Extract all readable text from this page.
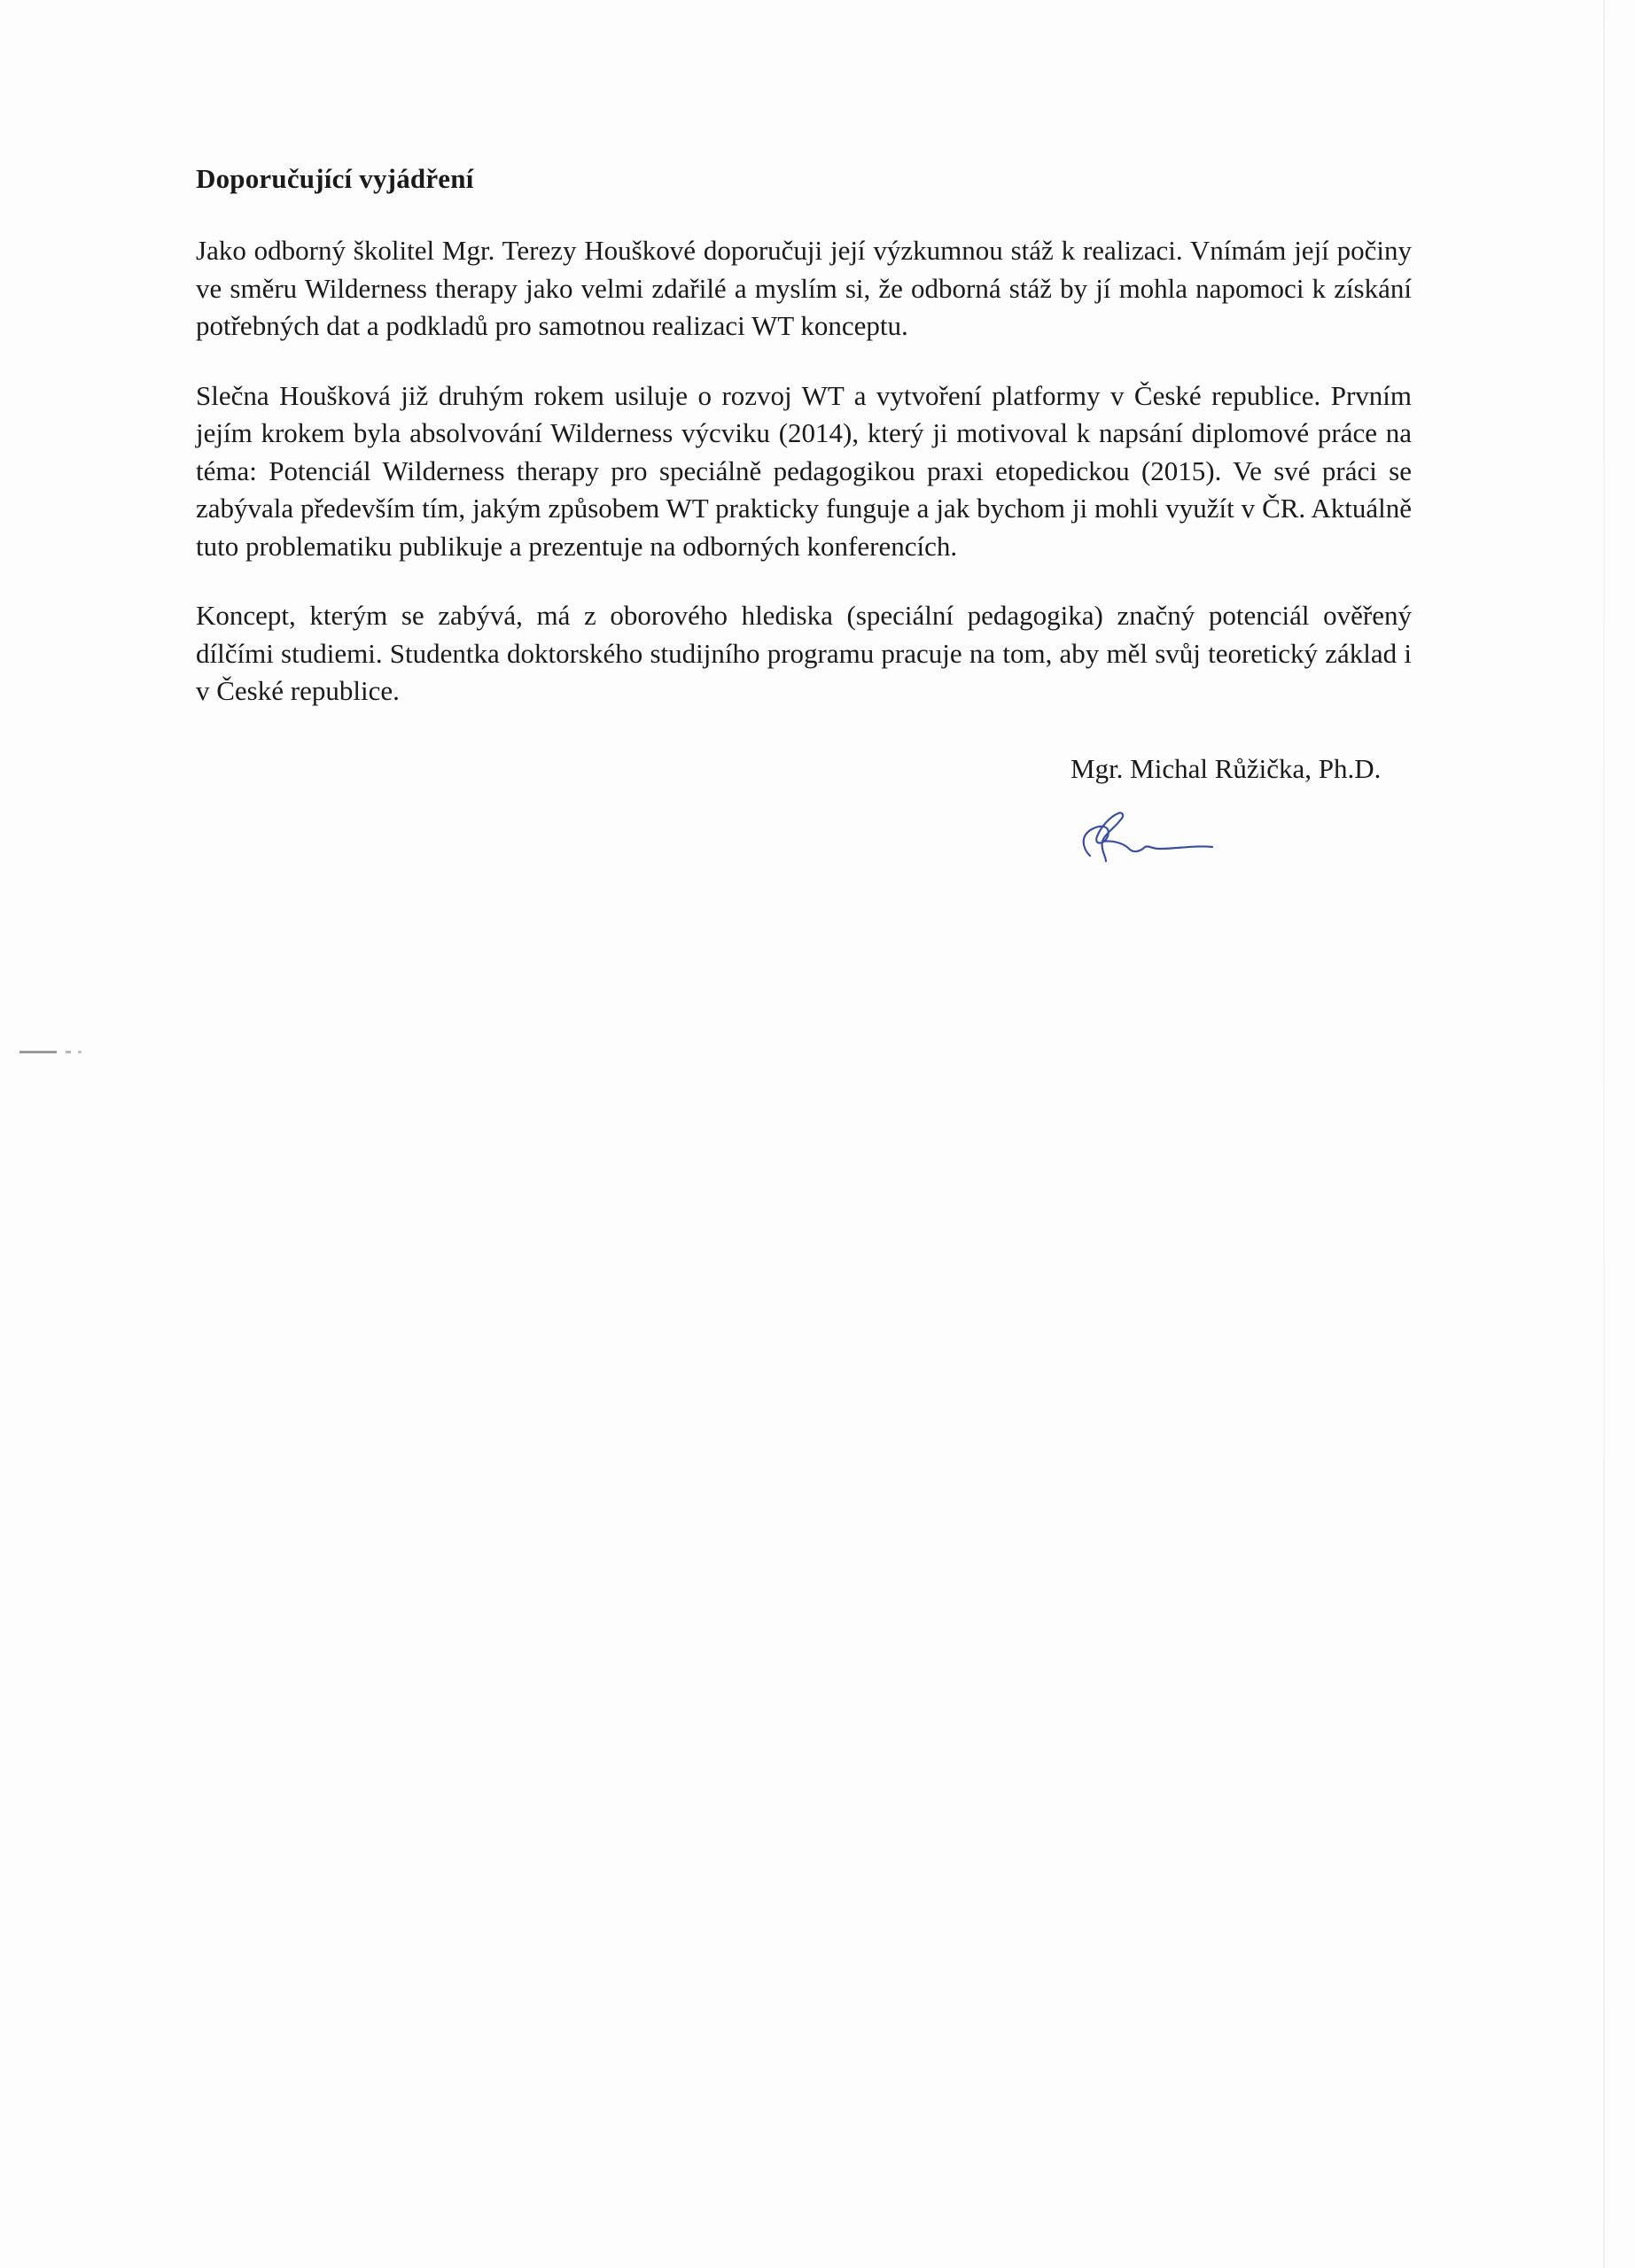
Doporučující vyjádření

Jako odborný školitel Mgr. Terezy Houškové doporučuji její výzkumnou stáž k realizaci. Vnímám její počiny ve směru Wilderness therapy jako velmi zdařilé a myslím si, že odborná stáž by jí mohla napomoci k získání potřebných dat a podkladů pro samotnou realizaci WT konceptu.

Slečna Houšková již druhým rokem usiluje o rozvoj WT a vytvoření platformy v České republice. Prvním jejím krokem byla absolvování Wilderness výcviku (2014), který ji motivoval k napsání diplomové práce na téma: Potenciál Wilderness therapy pro speciálně pedagogikou praxi etopedickou (2015). Ve své práci se zabývala především tím, jakým způsobem WT prakticky funguje a jak bychom ji mohli využít v ČR. Aktuálně tuto problematiku publikuje a prezentuje na odborných konferencích.

Koncept, kterým se zabývá, má z oborového hlediska (speciální pedagogika) značný potenciál ověřený dílčími studiemi. Studentka doktorského studijního programu pracuje na tom, aby měl svůj teoretický základ i v České republice.

Mgr. Michal Růžička, Ph.D.
